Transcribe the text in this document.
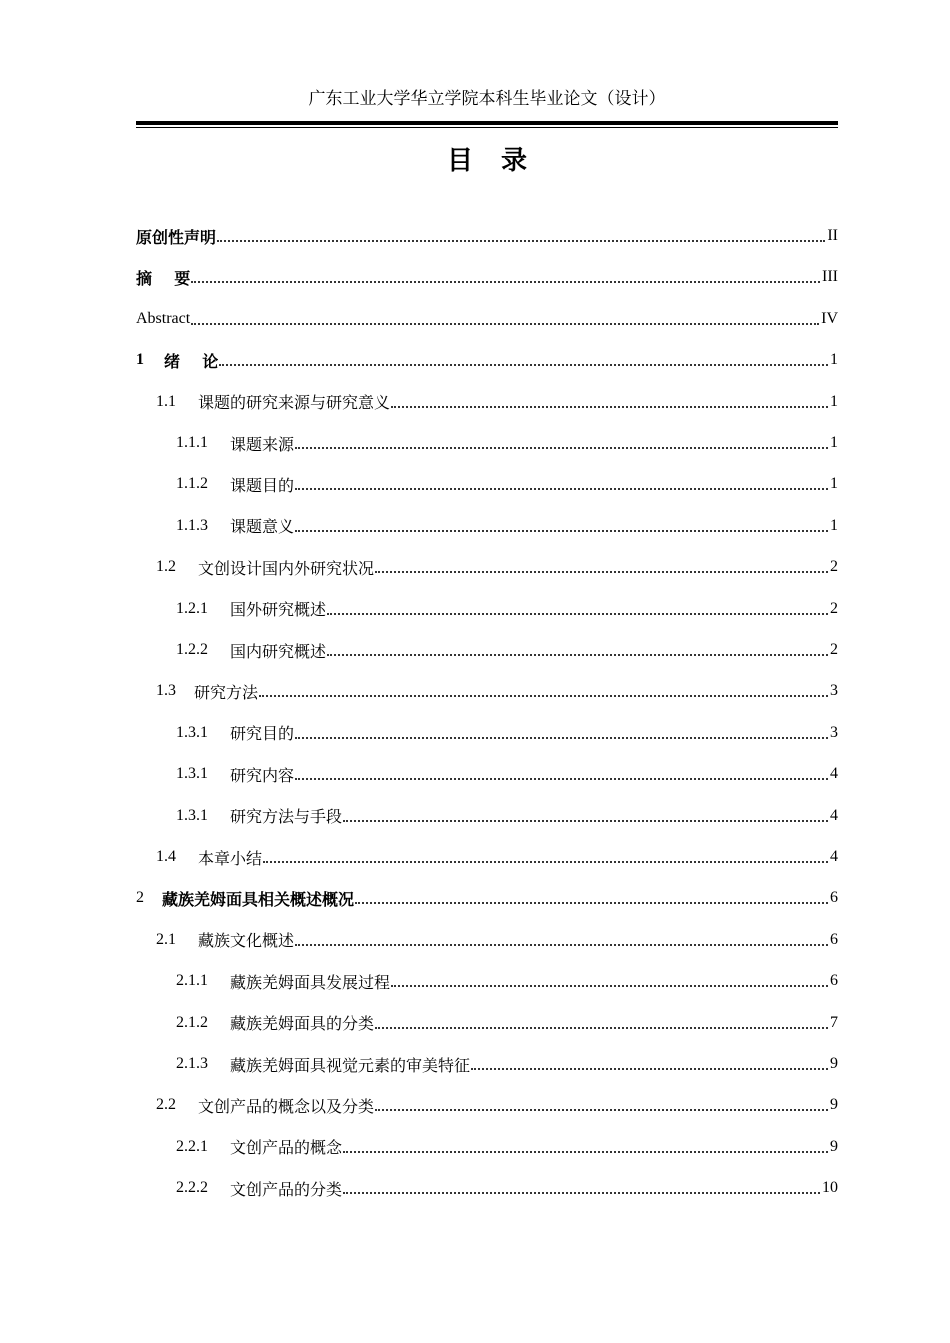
广东工业大学华立学院本科生毕业论文（设计）
目录
原创性声明	II
摘    要	III
Abstract	IV
1 绪    论	1
1.1 课题的研究来源与研究意义	1
1.1.1 课题来源	1
1.1.2 课题目的	1
1.1.3 课题意义	1
1.2 文创设计国内外研究状况	2
1.2.1 国外研究概述	2
1.2.2 国内研究概述	2
1.3 研究方法	3
1.3.1 研究目的	3
1.3.1 研究内容	4
1.3.1 研究方法与手段	4
1.4 本章小结	4
2 藏族羌姆面具相关概述概况	6
2.1 藏族文化概述	6
2.1.1 藏族羌姆面具发展过程	6
2.1.2 藏族羌姆面具的分类	7
2.1.3 藏族羌姆面具视觉元素的审美特征	9
2.2 文创产品的概念以及分类	9
2.2.1 文创产品的概念	9
2.2.2 文创产品的分类	10
